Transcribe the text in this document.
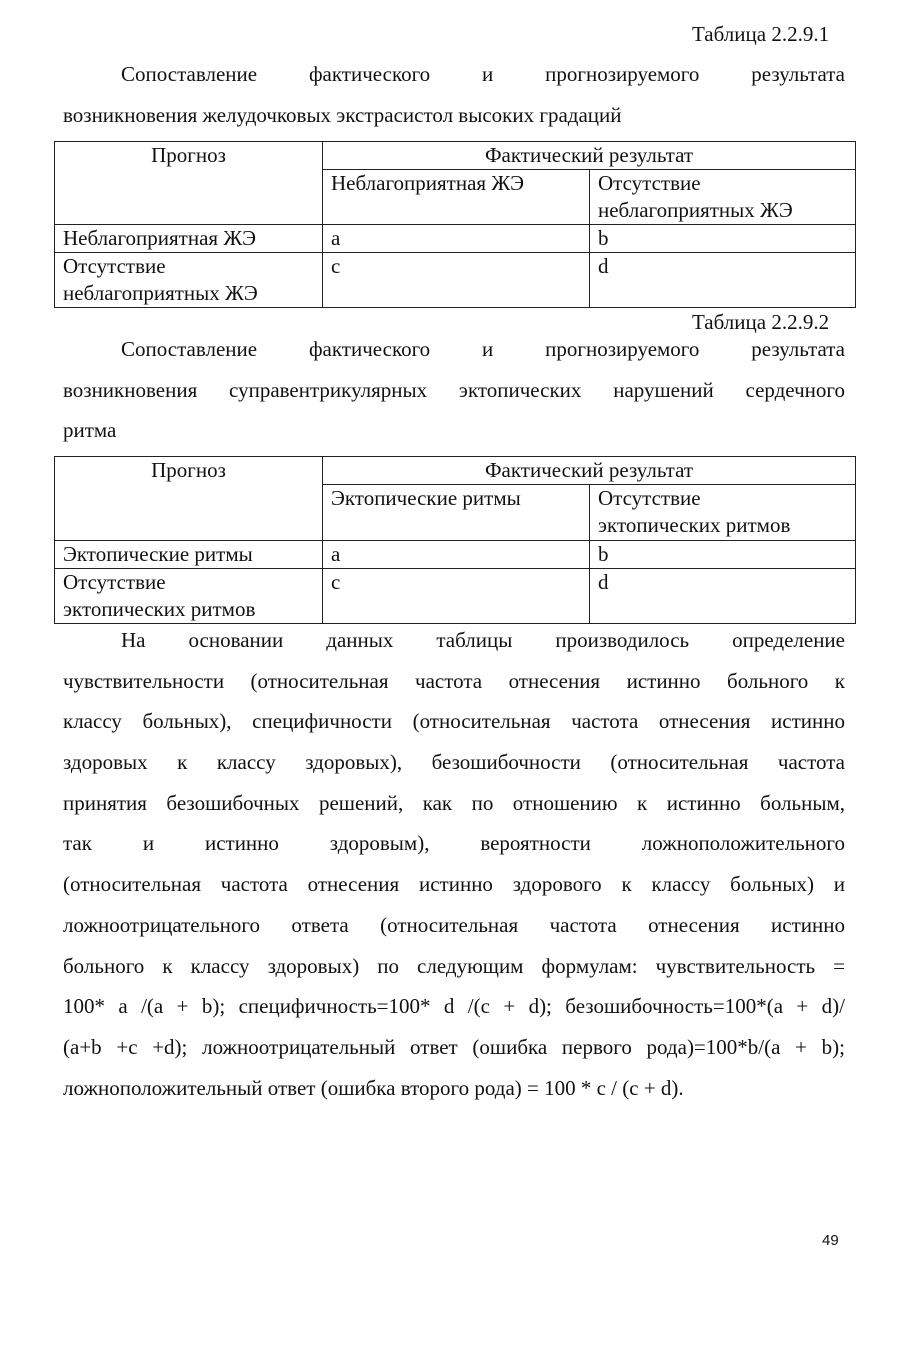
Таблица 2.2.9.1
Сопоставление фактического и прогнозируемого результата
возникновения желудочковых экстрасистол высоких градаций
Прогноз	Фактический результат	
	Неблагоприятная ЖЭ	Отсутствие
неблагоприятных ЖЭ
Неблагоприятная ЖЭ	a	b
Отсутствие
неблагоприятных ЖЭ	c	d
Таблица 2.2.9.2
Сопоставление фактического и прогнозируемого результата
возникновения суправентрикулярных эктопических нарушений сердечного
ритма
Прогноз	Фактический результат	
	Эктопические ритмы	Отсутствие
эктопических ритмов
Эктопические ритмы	a	b
Отсутствие
эктопических ритмов	c	d
На основании данных таблицы производилось определение
чувствительности (относительная частота отнесения истинно больного к
классу больных), специфичности (относительная частота отнесения истинно
здоровых к классу здоровых), безошибочности (относительная частота
принятия безошибочных решений, как по отношению к истинно больным,
так и истинно здоровым), вероятности ложноположительного
(относительная частота отнесения истинно здорового к классу больных) и
ложноотрицательного ответа (относительная частота отнесения истинно
больного к классу здоровых) по следующим формулам: чувствительность =
100* a /(a + b); специфичность=100* d /(c + d); безошибочность=100*(a + d)/
(a+b +c +d); ложноотрицательный ответ (ошибка первого рода)=100*b/(a + b);
ложноположительный ответ (ошибка второго рода) = 100 * c / (c + d).
49
